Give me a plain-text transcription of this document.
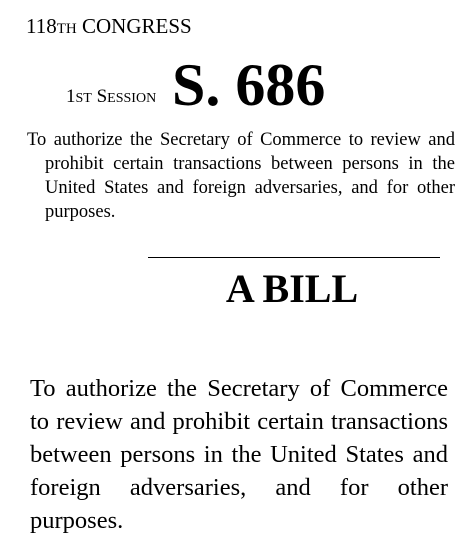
118TH CONGRESS
1ST SESSION S. 686
To authorize the Secretary of Commerce to review and prohibit certain transactions between persons in the United States and foreign adversaries, and for other purposes.
A BILL
To authorize the Secretary of Commerce to review and prohibit certain transactions between persons in the United States and foreign adversaries, and for other purposes.
